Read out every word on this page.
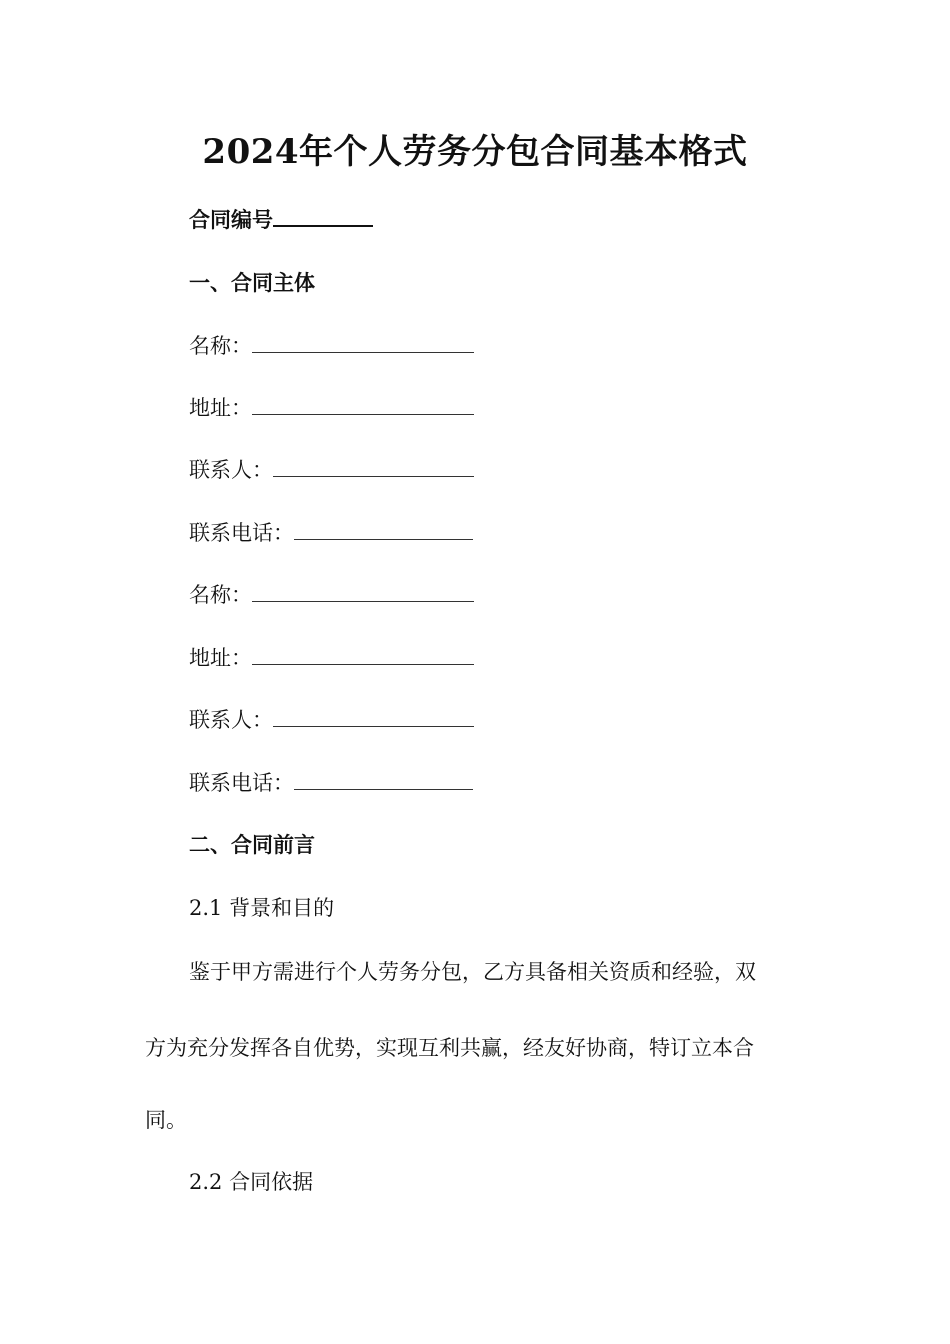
2024年个人劳务分包合同基本格式
合同编号
一、合同主体
名称：
地址：
联系人：
联系电话：
名称：
地址：
联系人：
联系电话：
二、合同前言
2.1 背景和目的
鉴于甲方需进行个人劳务分包，乙方具备相关资质和经验，双
方为充分发挥各自优势，实现互利共赢，经友好协商，特订立本合
同。
2.2 合同依据
